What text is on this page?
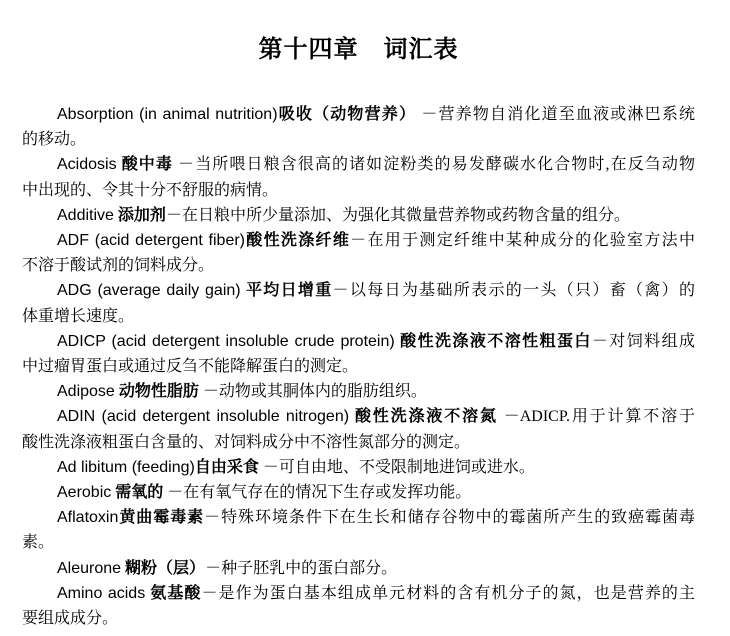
第十四章　词汇表
Absorption (in animal nutrition)吸收（动物营养） －营养物自消化道至血液或淋巴系统
的移动。
Acidosis 酸中毒 －当所喂日粮含很高的诸如淀粉类的易发酵碳水化合物时,在反刍动物
中出现的、令其十分不舒服的病情。
Additive 添加剂－在日粮中所少量添加、为强化其微量营养物或药物含量的组分。
ADF (acid detergent fiber)酸性洗涤纤维－在用于测定纤维中某种成分的化验室方法中
不溶于酸试剂的饲料成分。
ADG (average daily gain) 平均日增重－以每日为基础所表示的一头（只）畜（禽）的
体重增长速度。
ADICP (acid detergent insoluble crude protein) 酸性洗涤液不溶性粗蛋白－对饲料组成
中过瘤胃蛋白或通过反刍不能降解蛋白的测定。
Adipose 动物性脂肪 －动物或其胴体内的脂肪组织。
ADIN (acid detergent insoluble nitrogen) 酸性洗涤液不溶氮 －ADICP.用于计算不溶于
酸性洗涤液粗蛋白含量的、对饲料成分中不溶性氮部分的测定。
Ad libitum (feeding)自由采食 －可自由地、不受限制地进饲或进水。
Aerobic 需氧的 －在有氧气存在的情况下生存或发挥功能。
Aflatoxin黄曲霉毒素－特殊环境条件下在生长和储存谷物中的霉菌所产生的致癌霉菌毒
素。
Aleurone 糊粉（层）－种子胚乳中的蛋白部分。
Amino acids 氨基酸－是作为蛋白基本组成单元材料的含有机分子的氮，也是营养的主
要组成成分。
